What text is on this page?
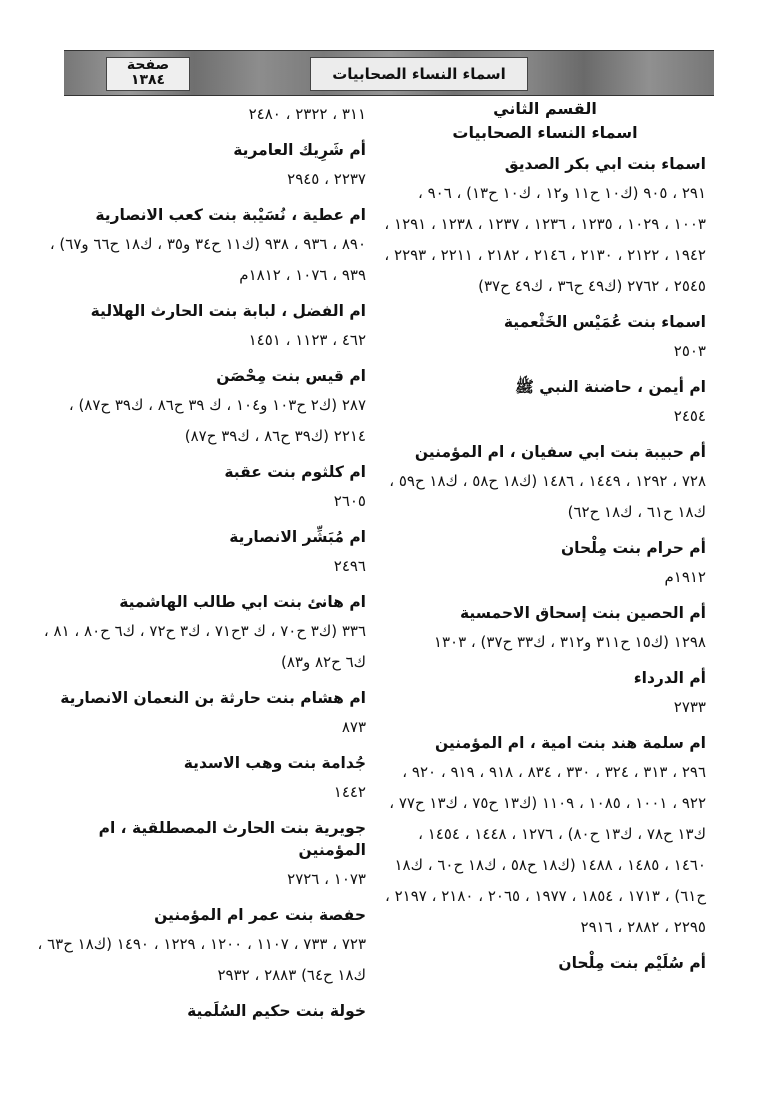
صفحة
١٣٨٤	اسماء النساء الصحابيات
القسم الثاني
اسماء النساء الصحابيات
اسماء بنت ابي بكر الصديق
٢٩١ ، ٩٠٥ (ك١٠ ح١١ و١٢ ، ك١٠ ح١٣) ، ٩٠٦ ، ١٠٠٣ ، ١٠٢٩ ، ١٢٣٥ ، ١٢٣٦ ، ١٢٣٧ ، ١٢٣٨ ، ١٢٩١ ، ١٩٤٢ ، ٢١٢٢ ، ٢١٣٠ ، ٢١٤٦ ، ٢١٨٢ ، ٢٢١١ ، ٢٢٩٣ ، ٢٥٤٥ ، ٢٧٦٢ (ك٤٩ ح٣٦ ، ك٤٩ ح٣٧)
اسماء بنت عُمَيْس الخَثْعمية
٢٥٠٣
ام أيمن ، حاضنة النبي ﷺ
٢٤٥٤
أم حبيبة بنت ابي سفيان ، ام المؤمنين
٧٢٨ ، ١٢٩٢ ، ١٤٤٩ ، ١٤٨٦ (ك١٨ ح٥٨ ، ك١٨ ح٥٩ ، ك١٨ ح٦١ ، ك١٨ ح٦٢)
أم حرام بنت مِلْحان
١٩١٢م
أم الحصين بنت إسحاق الاحمسية
١٢٩٨ (ك١٥ ح٣١١ و٣١٢ ، ك٣٣ ح٣٧) ، ١٣٠٣
أم الدرداء
٢٧٣٣
ام سلمة هند بنت امية ، ام المؤمنين
٢٩٦ ، ٣١٣ ، ٣٢٤ ، ٣٣٠ ، ٨٣٤ ، ٩١٨ ، ٩١٩ ، ٩٢٠ ، ٩٢٢ ، ١٠٠١ ، ١٠٨٥ ، ١١٠٩ (ك١٣ ح٧٥ ، ك١٣ ح٧٧ ، ك١٣ ح٧٨ ، ك١٣ ح٨٠) ، ١٢٧٦ ، ١٤٤٨ ، ١٤٥٤ ، ١٤٦٠ ، ١٤٨٥ ، ١٤٨٨ (ك١٨ ح٥٨ ، ك١٨ ح٦٠ ، ك١٨ ح٦١) ، ١٧١٣ ، ١٨٥٤ ، ١٩٧٧ ، ٢٠٦٥ ، ٢١٨٠ ، ٢١٩٧ ، ٢٢٩٥ ، ٢٨٨٢ ، ٢٩١٦
أم سُلَيْم بنت مِلْحان
٣١١ ، ٢٣٢٢ ، ٢٤٨٠
أم شَرِيك العامرية
٢٢٣٧ ، ٢٩٤٥
ام عطية ، نُسَيْبة بنت كعب الانصارية
٨٩٠ ، ٩٣٦ ، ٩٣٨ (ك١١ ح٣٤ و٣٥ ، ك١٨ ح٦٦ و٦٧) ، ٩٣٩ ، ١٠٧٦ ، ١٨١٢م
ام الفضل ، لبابة بنت الحارث الهلالية
٤٦٢ ، ١١٢٣ ، ١٤٥١
ام قيس بنت مِحْصَن
٢٨٧ (ك٢ ح١٠٣ و١٠٤ ، ك ٣٩ ح٨٦ ، ك٣٩ ح٨٧) ، ٢٢١٤ (ك٣٩ ح٨٦ ، ك٣٩ ح٨٧)
ام كلثوم بنت عقبة
٢٦٠٥
ام مُبَشِّر الانصارية
٢٤٩٦
ام هانئ بنت ابي طالب الهاشمية
٣٣٦ (ك٣ ح٧٠ ، ك ٣ح٧١ ، ك٣ ح٧٢ ، ك٦ ح٨٠ ، ٨١ ، ك٦ ح٨٢ و٨٣)
ام هشام بنت حارثة بن النعمان الانصارية
٨٧٣
جُدامة بنت وهب الاسدية
١٤٤٢
جويرية بنت الحارث المصطلقية ، ام المؤمنين
١٠٧٣ ، ٢٧٢٦
حفصة بنت عمر ام المؤمنين
٧٢٣ ، ٧٣٣ ، ١١٠٧ ، ١٢٠٠ ، ١٢٢٩ ، ١٤٩٠ (ك١٨ ح٦٣ ، ك١٨ ح٦٤) ٢٨٨٣ ، ٢٩٣٢
خولة بنت حكيم السُلَمية
